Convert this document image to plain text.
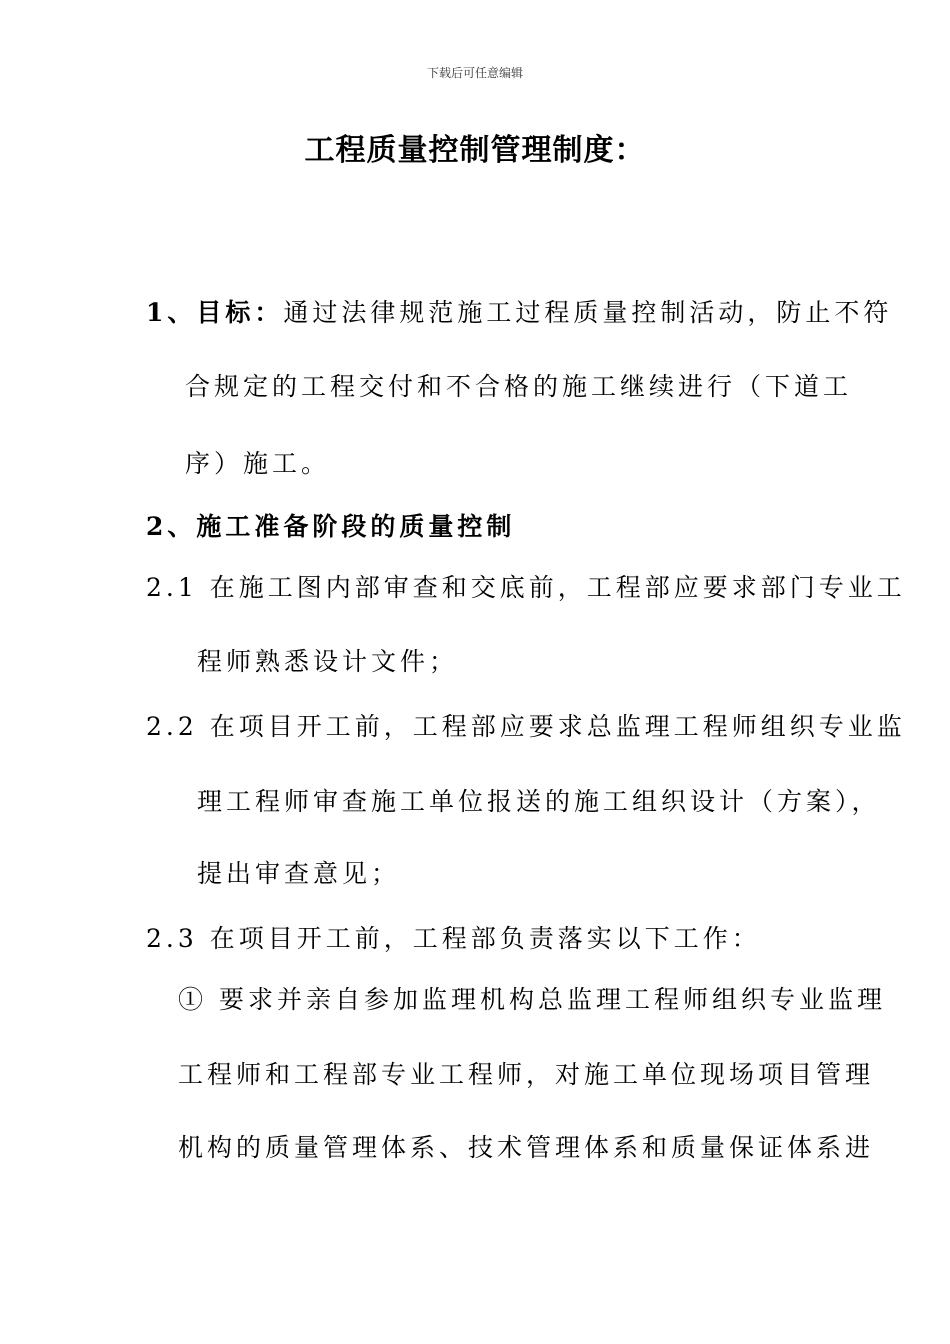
下载后可任意编辑
工程质量控制管理制度：
1、目标：通过法律规范施工过程质量控制活动，防止不符
合规定的工程交付和不合格的施工继续进行（下道工
序）施工。
2、施工准备阶段的质量控制
2.1 在施工图内部审查和交底前，工程部应要求部门专业工
程师熟悉设计文件；
2.2 在项目开工前，工程部应要求总监理工程师组织专业监
理工程师审查施工单位报送的施工组织设计（方案），
提出审查意见；
2.3 在项目开工前，工程部负责落实以下工作：
① 要求并亲自参加监理机构总监理工程师组织专业监理
工程师和工程部专业工程师，对施工单位现场项目管理
机构的质量管理体系、技术管理体系和质量保证体系进
